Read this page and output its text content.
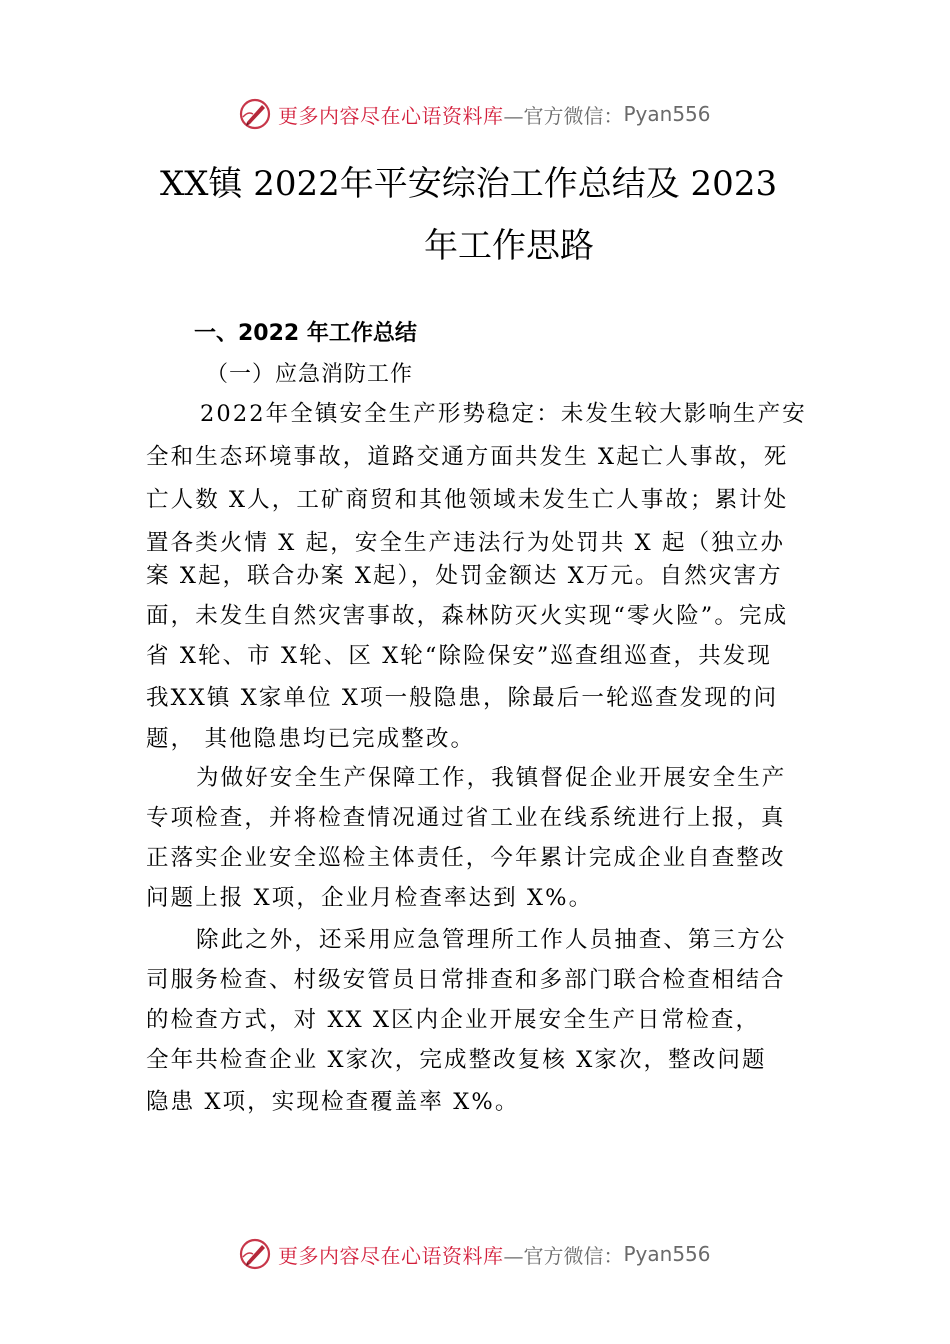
更多内容尽在心语资料库 —官方微信： Pyan556
XX镇 2022年平安综治工作总结及 2023
年工作思路
一、2022 年工作总结
（一）应急消防工作
2022年全镇安全生产形势稳定：未发生较大影响生产安
全和生态环境事故，道路交通方面共发生 X起亡人事故，死
亡人数 X人，工矿商贸和其他领域未发生亡人事故；累计处
置各类火情 X 起，安全生产违法行为处罚共 X 起（独立办
案 X起，联合办案 X起），处罚金额达 X万元。自然灾害方
面，未发生自然灾害事故，森林防灭火实现“零火险”。完成
省 X轮、市 X轮、区 X轮“除险保安”巡查组巡查，共发现
我XX镇 X家单位 X项一般隐患，除最后一轮巡查发现的问
题， 其他隐患均已完成整改。
为做好安全生产保障工作，我镇督促企业开展安全生产
专项检查，并将检查情况通过省工业在线系统进行上报，真
正落实企业安全巡检主体责任，今年累计完成企业自查整改
问题上报 X项，企业月检查率达到 X%。
除此之外，还采用应急管理所工作人员抽查、第三方公
司服务检查、村级安管员日常排查和多部门联合检查相结合
的检查方式，对 XX X区内企业开展安全生产日常检查，
全年共检查企业 X家次，完成整改复核 X家次，整改问题
隐患 X项，实现检查覆盖率 X%。
更多内容尽在心语资料库 —官方微信： Pyan556
